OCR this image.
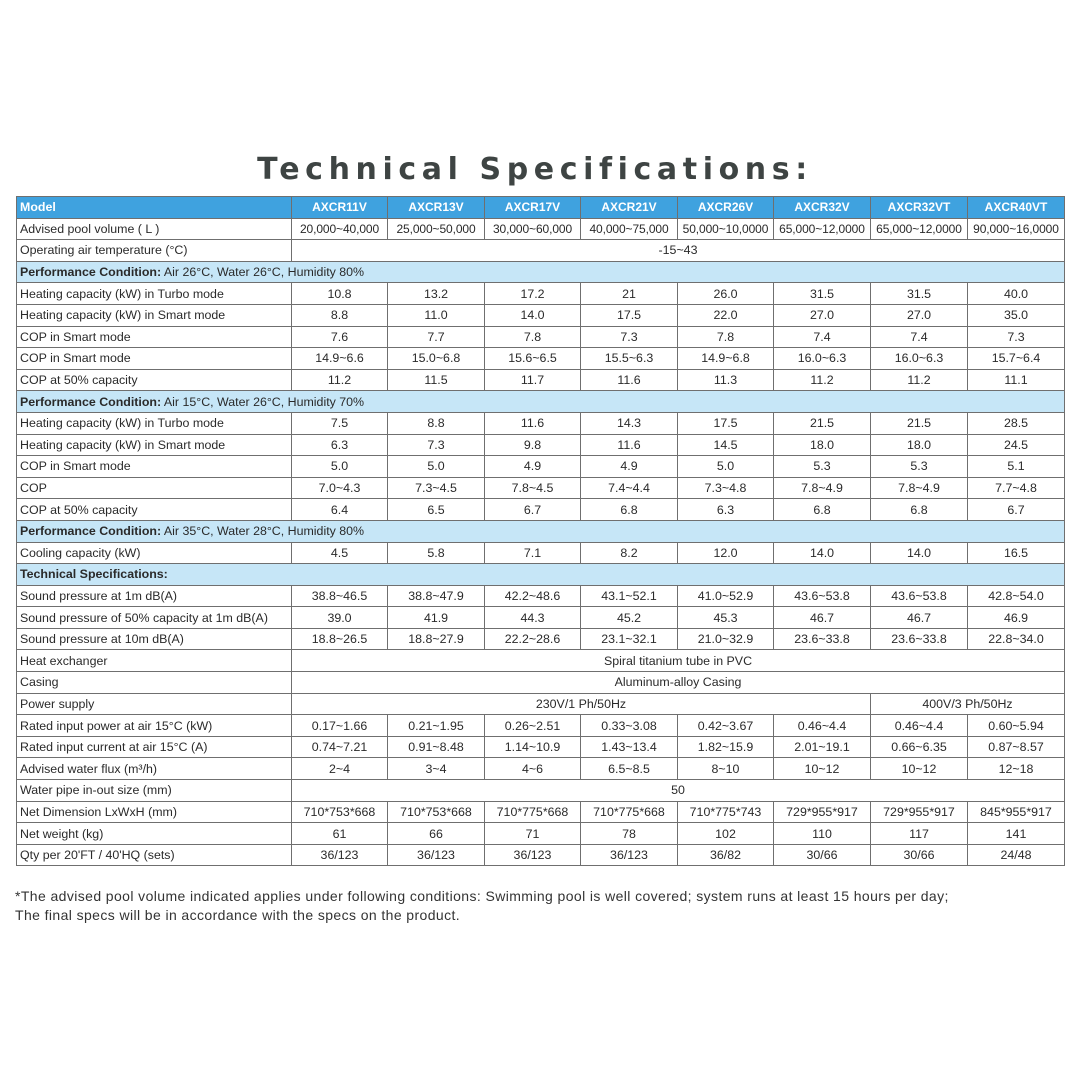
Technical Specifications:
Model	AXCR11V	AXCR13V	AXCR17V	AXCR21V	AXCR26V	AXCR32V	AXCR32VT	AXCR40VT
Advised pool volume ( L )	20,000~40,000	25,000~50,000	30,000~60,000	40,000~75,000	50,000~10,0000	65,000~12,0000	65,000~12,0000	90,000~16,0000
Operating air temperature (°C)	-15~43							
Performance Condition: Air 26°C, Water 26°C, Humidity 80%								
Heating capacity (kW) in Turbo mode	10.8	13.2	17.2	21	26.0	31.5	31.5	40.0
Heating capacity (kW) in Smart mode	8.8	11.0	14.0	17.5	22.0	27.0	27.0	35.0
COP in Smart mode	7.6	7.7	7.8	7.3	7.8	7.4	7.4	7.3
COP in Smart mode	14.9~6.6	15.0~6.8	15.6~6.5	15.5~6.3	14.9~6.8	16.0~6.3	16.0~6.3	15.7~6.4
COP at 50% capacity	11.2	11.5	11.7	11.6	11.3	11.2	11.2	11.1
Performance Condition: Air 15°C, Water 26°C, Humidity 70%								
Heating capacity (kW) in Turbo mode	7.5	8.8	11.6	14.3	17.5	21.5	21.5	28.5
Heating capacity (kW) in Smart mode	6.3	7.3	9.8	11.6	14.5	18.0	18.0	24.5
COP in Smart mode	5.0	5.0	4.9	4.9	5.0	5.3	5.3	5.1
COP	7.0~4.3	7.3~4.5	7.8~4.5	7.4~4.4	7.3~4.8	7.8~4.9	7.8~4.9	7.7~4.8
COP at 50% capacity	6.4	6.5	6.7	6.8	6.3	6.8	6.8	6.7
Performance Condition: Air 35°C, Water 28°C, Humidity 80%								
Cooling capacity (kW)	4.5	5.8	7.1	8.2	12.0	14.0	14.0	16.5
Technical Specifications:								
Sound pressure at 1m dB(A)	38.8~46.5	38.8~47.9	42.2~48.6	43.1~52.1	41.0~52.9	43.6~53.8	43.6~53.8	42.8~54.0
Sound pressure of 50% capacity at 1m dB(A)	39.0	41.9	44.3	45.2	45.3	46.7	46.7	46.9
Sound pressure at 10m dB(A)	18.8~26.5	18.8~27.9	22.2~28.6	23.1~32.1	21.0~32.9	23.6~33.8	23.6~33.8	22.8~34.0
Heat exchanger	Spiral titanium tube in PVC							
Casing	Aluminum-alloy Casing							
Power supply	230V/1 Ph/50Hz						400V/3 Ph/50Hz	
Rated input power at air 15°C (kW)	0.17~1.66	0.21~1.95	0.26~2.51	0.33~3.08	0.42~3.67	0.46~4.4	0.46~4.4	0.60~5.94
Rated input current at air 15°C (A)	0.74~7.21	0.91~8.48	1.14~10.9	1.43~13.4	1.82~15.9	2.01~19.1	0.66~6.35	0.87~8.57
Advised water flux (m³/h)	2~4	3~4	4~6	6.5~8.5	8~10	10~12	10~12	12~18
Water pipe in-out size (mm)	50							
Net Dimension LxWxH (mm)	710*753*668	710*753*668	710*775*668	710*775*668	710*775*743	729*955*917	729*955*917	845*955*917
Net weight (kg)	61	66	71	78	102	110	117	141
Qty per 20'FT / 40'HQ (sets)	36/123	36/123	36/123	36/123	36/82	30/66	30/66	24/48
*The advised pool volume indicated applies under following conditions: Swimming pool is well covered; system runs at least 15 hours per day;
The final specs will be in accordance with the specs on the product.
